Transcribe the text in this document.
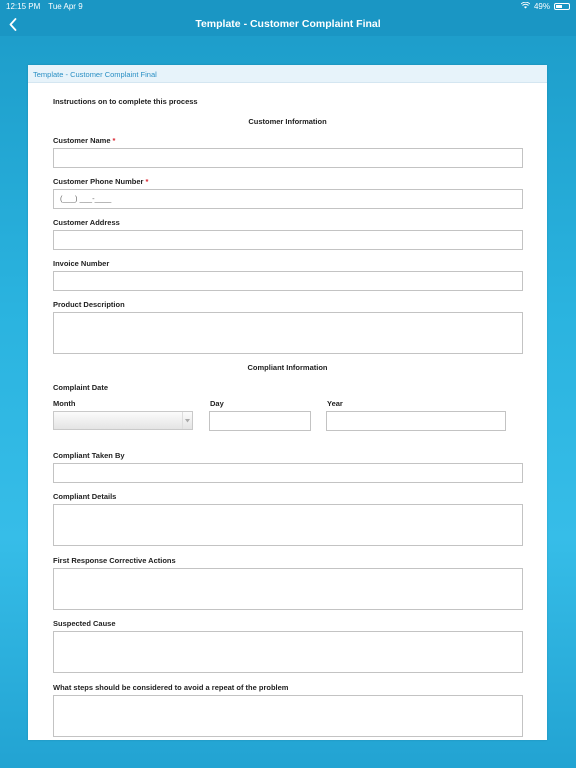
12:15 PM Tue Apr 9	49%
Template - Customer Complaint Final
Template - Customer Complaint Final
Instructions on to complete this process
Customer Information
Customer Name *
Customer Phone Number *
(___) ___-____
Customer Address
Invoice Number
Product Description
Compliant Information
Complaint Date
Month	Day	Year
Compliant Taken By
Compliant Details
First Response Corrective Actions
Suspected Cause
What steps should be considered to avoid a repeat of the problem
